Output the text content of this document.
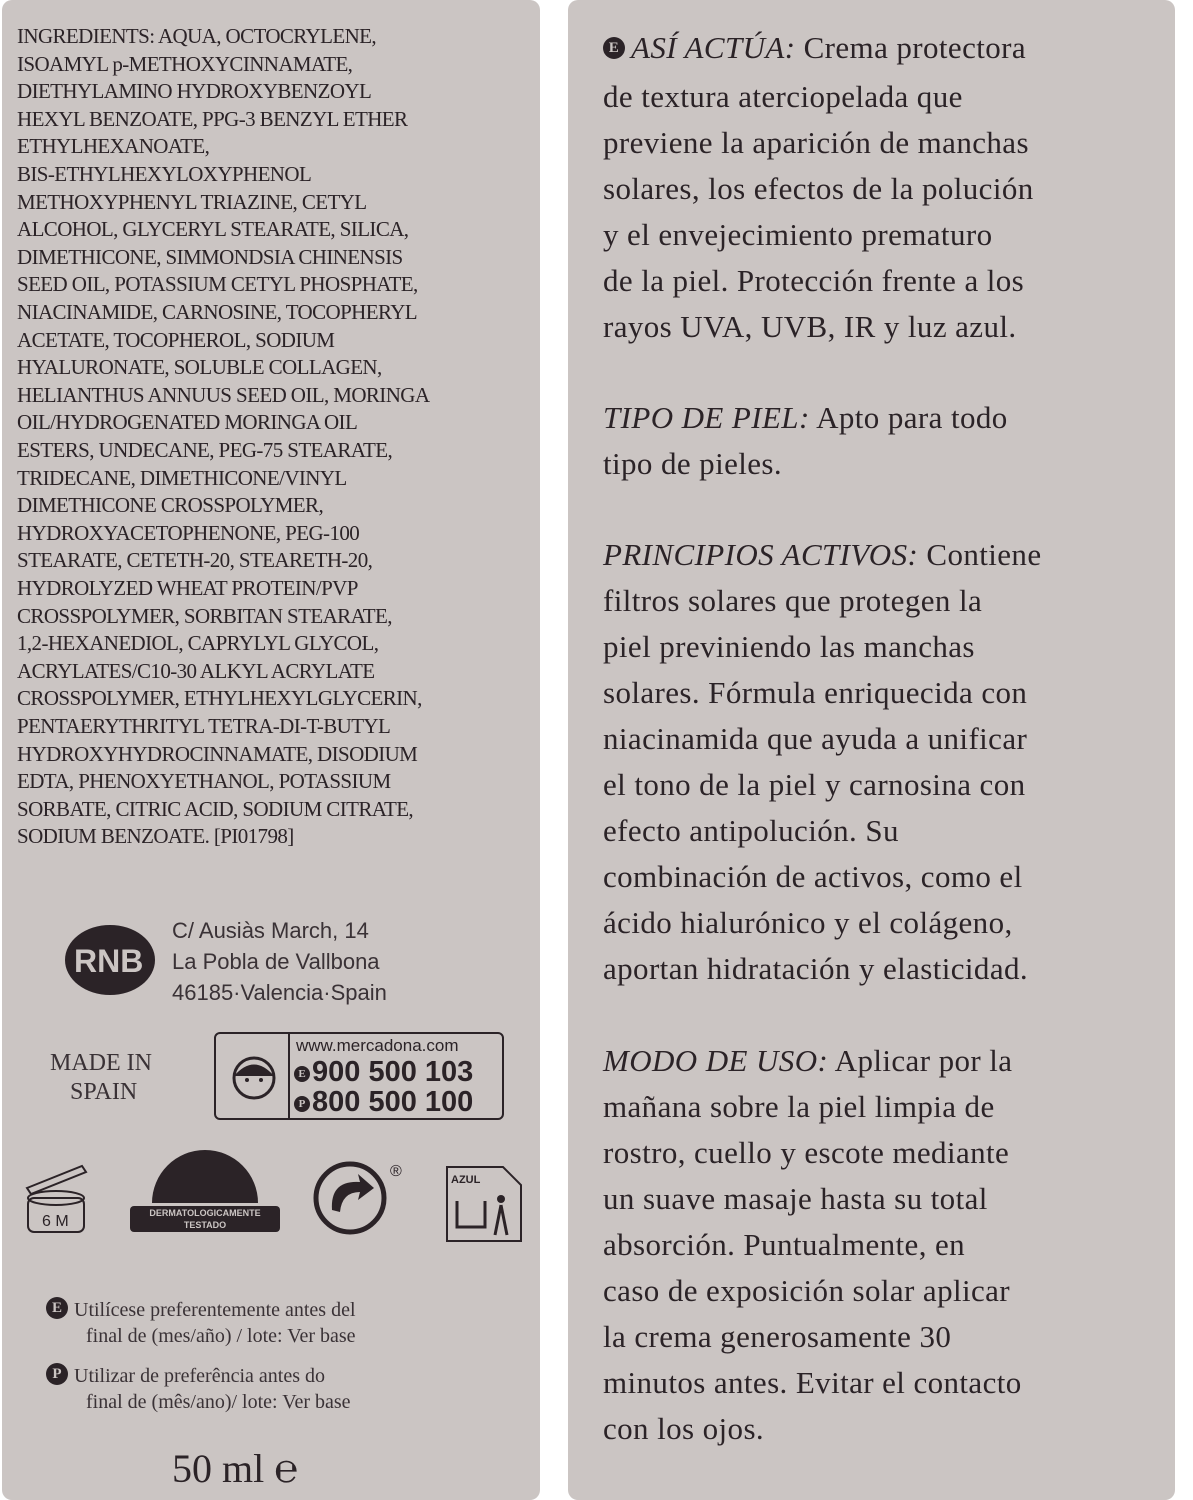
INGREDIENTS: AQUA, OCTOCRYLENE,
ISOAMYL p-METHOXYCINNAMATE,
DIETHYLAMINO HYDROXYBENZOYL
HEXYL BENZOATE, PPG-3 BENZYL ETHER
ETHYLHEXANOATE,
BIS-ETHYLHEXYLOXYPHENOL
METHOXYPHENYL TRIAZINE, CETYL
ALCOHOL, GLYCERYL STEARATE, SILICA,
DIMETHICONE, SIMMONDSIA CHINENSIS
SEED OIL, POTASSIUM CETYL PHOSPHATE,
NIACINAMIDE, CARNOSINE, TOCOPHERYL
ACETATE, TOCOPHEROL, SODIUM
HYALURONATE, SOLUBLE COLLAGEN,
HELIANTHUS ANNUUS SEED OIL, MORINGA
OIL/HYDROGENATED MORINGA OIL
ESTERS, UNDECANE, PEG-75 STEARATE,
TRIDECANE, DIMETHICONE/VINYL
DIMETHICONE CROSSPOLYMER,
HYDROXYACETOPHENONE, PEG-100
STEARATE, CETETH-20, STEARETH-20,
HYDROLYZED WHEAT PROTEIN/PVP
CROSSPOLYMER, SORBITAN STEARATE,
1,2-HEXANEDIOL, CAPRYLYL GLYCOL,
ACRYLATES/C10-30 ALKYL ACRYLATE
CROSSPOLYMER, ETHYLHEXYLGLYCERIN,
PENTAERYTHRITYL TETRA-DI-T-BUTYL
HYDROXYHYDROCINNAMATE, DISODIUM
EDTA, PHENOXYETHANOL, POTASSIUM
SORBATE, CITRIC ACID, SODIUM CITRATE,
SODIUM BENZOATE. [PI01798]
RNB
C/ Ausiàs March, 14
La Pobla de Vallbona
46185·Valencia·Spain
MADE IN
SPAIN
www.mercadona.com
E 900 500 103
P 800 500 100
6 M	DERMATOLOGICAMENTE
TESTADO
®	AZUL
E Utilícese preferentemente antes del
final de (mes/año) / lote: Ver base
P Utilizar de preferência antes do
final de (mês/ano)/ lote: Ver base
50 ml ℮
E ASÍ ACTÚA: Crema protectora
de textura aterciopelada que
previene la aparición de manchas
solares, los efectos de la polución
y el envejecimiento prematuro
de la piel. Protección frente a los
rayos UVA, UVB, IR y luz azul.
TIPO DE PIEL: Apto para todo
tipo de pieles.
PRINCIPIOS ACTIVOS: Contiene
filtros solares que protegen la
piel previniendo las manchas
solares. Fórmula enriquecida con
niacinamida que ayuda a unificar
el tono de la piel y carnosina con
efecto antipolución. Su
combinación de activos, como el
ácido hialurónico y el colágeno,
aportan hidratación y elasticidad.
MODO DE USO: Aplicar por la
mañana sobre la piel limpia de
rostro, cuello y escote mediante
un suave masaje hasta su total
absorción. Puntualmente, en
caso de exposición solar aplicar
la crema generosamente 30
minutos antes. Evitar el contacto
con los ojos.
